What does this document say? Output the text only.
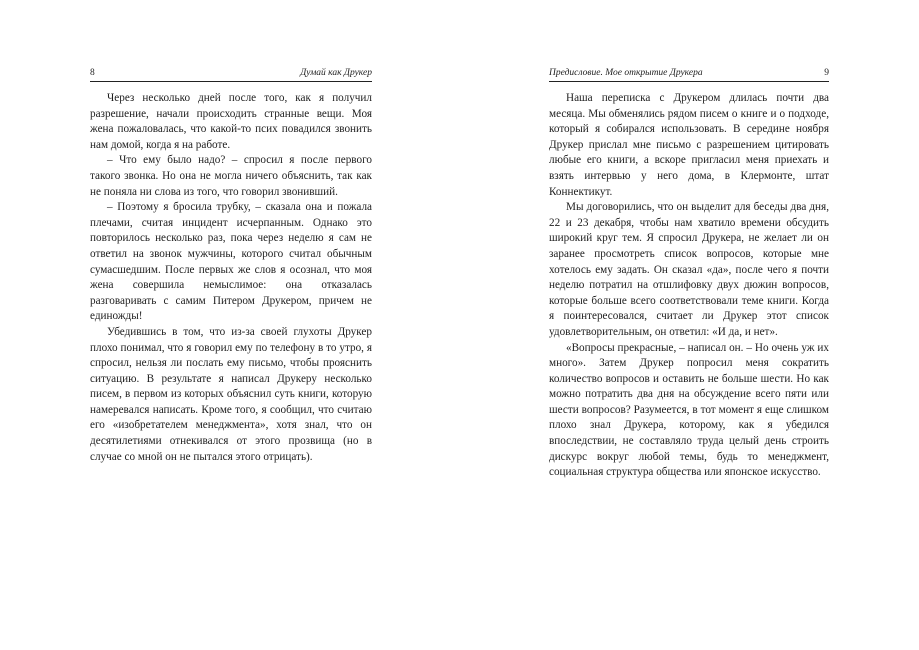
8	Думай как Друкер

Через несколько дней после того, как я получил разрешение, начали происходить странные вещи. Моя жена пожаловалась, что какой-то псих повадился звонить нам домой, когда я на работе.

– Что ему было надо? – спросил я после первого такого звонка. Но она не могла ничего объяснить, так как не поняла ни слова из того, что говорил звонивший.

– Поэтому я бросила трубку, – сказала она и пожала плечами, считая инцидент исчерпанным. Однако это повторилось несколько раз, пока через неделю я сам не ответил на звонок мужчины, которого считал обычным сумасшедшим. После первых же слов я осознал, что моя жена совершила немыслимое: она отказалась разговаривать с самим Питером Друкером, причем не единожды!

Убедившись в том, что из-за своей глухоты Друкер плохо понимал, что я говорил ему по телефону в то утро, я спросил, нельзя ли послать ему письмо, чтобы прояснить ситуацию. В результате я написал Друкеру несколько писем, в первом из которых объяснил суть книги, которую намеревался написать. Кроме того, я сообщил, что считаю его «изобретателем менеджмента», хотя знал, что он десятилетиями отнекивался от этого прозвища (но в случае со мной он не пытался этого отрицать).

Предисловие. Мое открытие Друкера	9

Наша переписка с Друкером длилась почти два месяца. Мы обменялись рядом писем о книге и о подходе, который я собирался использовать. В середине ноября Друкер прислал мне письмо с разрешением цитировать любые его книги, а вскоре пригласил меня приехать и взять интервью у него дома, в Клермонте, штат Коннектикут.

Мы договорились, что он выделит для беседы два дня, 22 и 23 декабря, чтобы нам хватило времени обсудить широкий круг тем. Я спросил Друкера, не желает ли он заранее просмотреть список вопросов, которые мне хотелось ему задать. Он сказал «да», после чего я почти неделю потратил на отшлифовку двух дюжин вопросов, которые больше всего соответствовали теме книги. Когда я поинтересовался, считает ли Друкер этот список удовлетворительным, он ответил: «И да, и нет».

«Вопросы прекрасные, – написал он. – Но очень уж их много». Затем Друкер попросил меня сократить количество вопросов и оставить не больше шести. Но как можно потратить два дня на обсуждение всего пяти или шести вопросов? Разумеется, в тот момент я еще слишком плохо знал Друкера, которому, как я убедился впоследствии, не составляло труда целый день строить дискурс вокруг любой темы, будь то менеджмент, социальная структура общества или японское искусство.
